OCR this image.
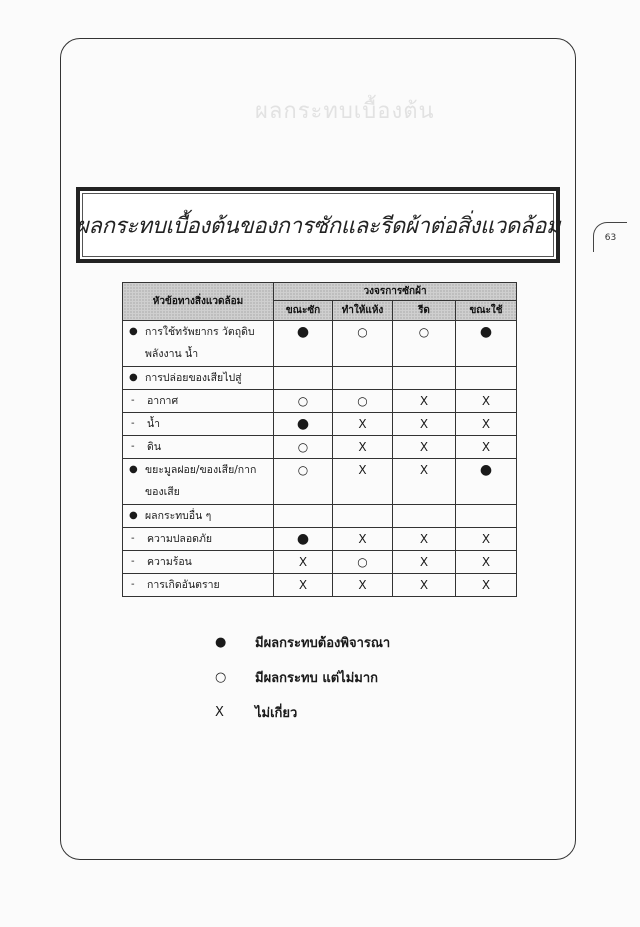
ผลกระทบเบื้องต้น
63
ผลกระทบเบื้องต้นของการซักและรีดผ้าต่อสิ่งแวดล้อม
หัวข้อทางสิ่งแวดล้อม	วงจรการซักผ้า			
	ขณะซัก	ทำให้แห้ง	รีด	ขณะใช้

● การใช้ทรัพยากร วัตถุดิบ
พลังงาน น้ำ	●	○	○	●

● การปล่อยของเสียไปสู่				

- อากาศ	○	○	X	X

- น้ำ	●	X	X	X

- ดิน	○	X	X	X

● ขยะมูลฝอย/ของเสีย/กาก
ของเสีย	○	X	X	●

● ผลกระทบอื่น ๆ				

- ความปลอดภัย	●	X	X	X

- ความร้อน	X	○	X	X

- การเกิดอันตราย	X	X	X	X
●	มีผลกระทบต้องพิจารณา
○	มีผลกระทบ แต่ไม่มาก
X	ไม่เกี่ยว
